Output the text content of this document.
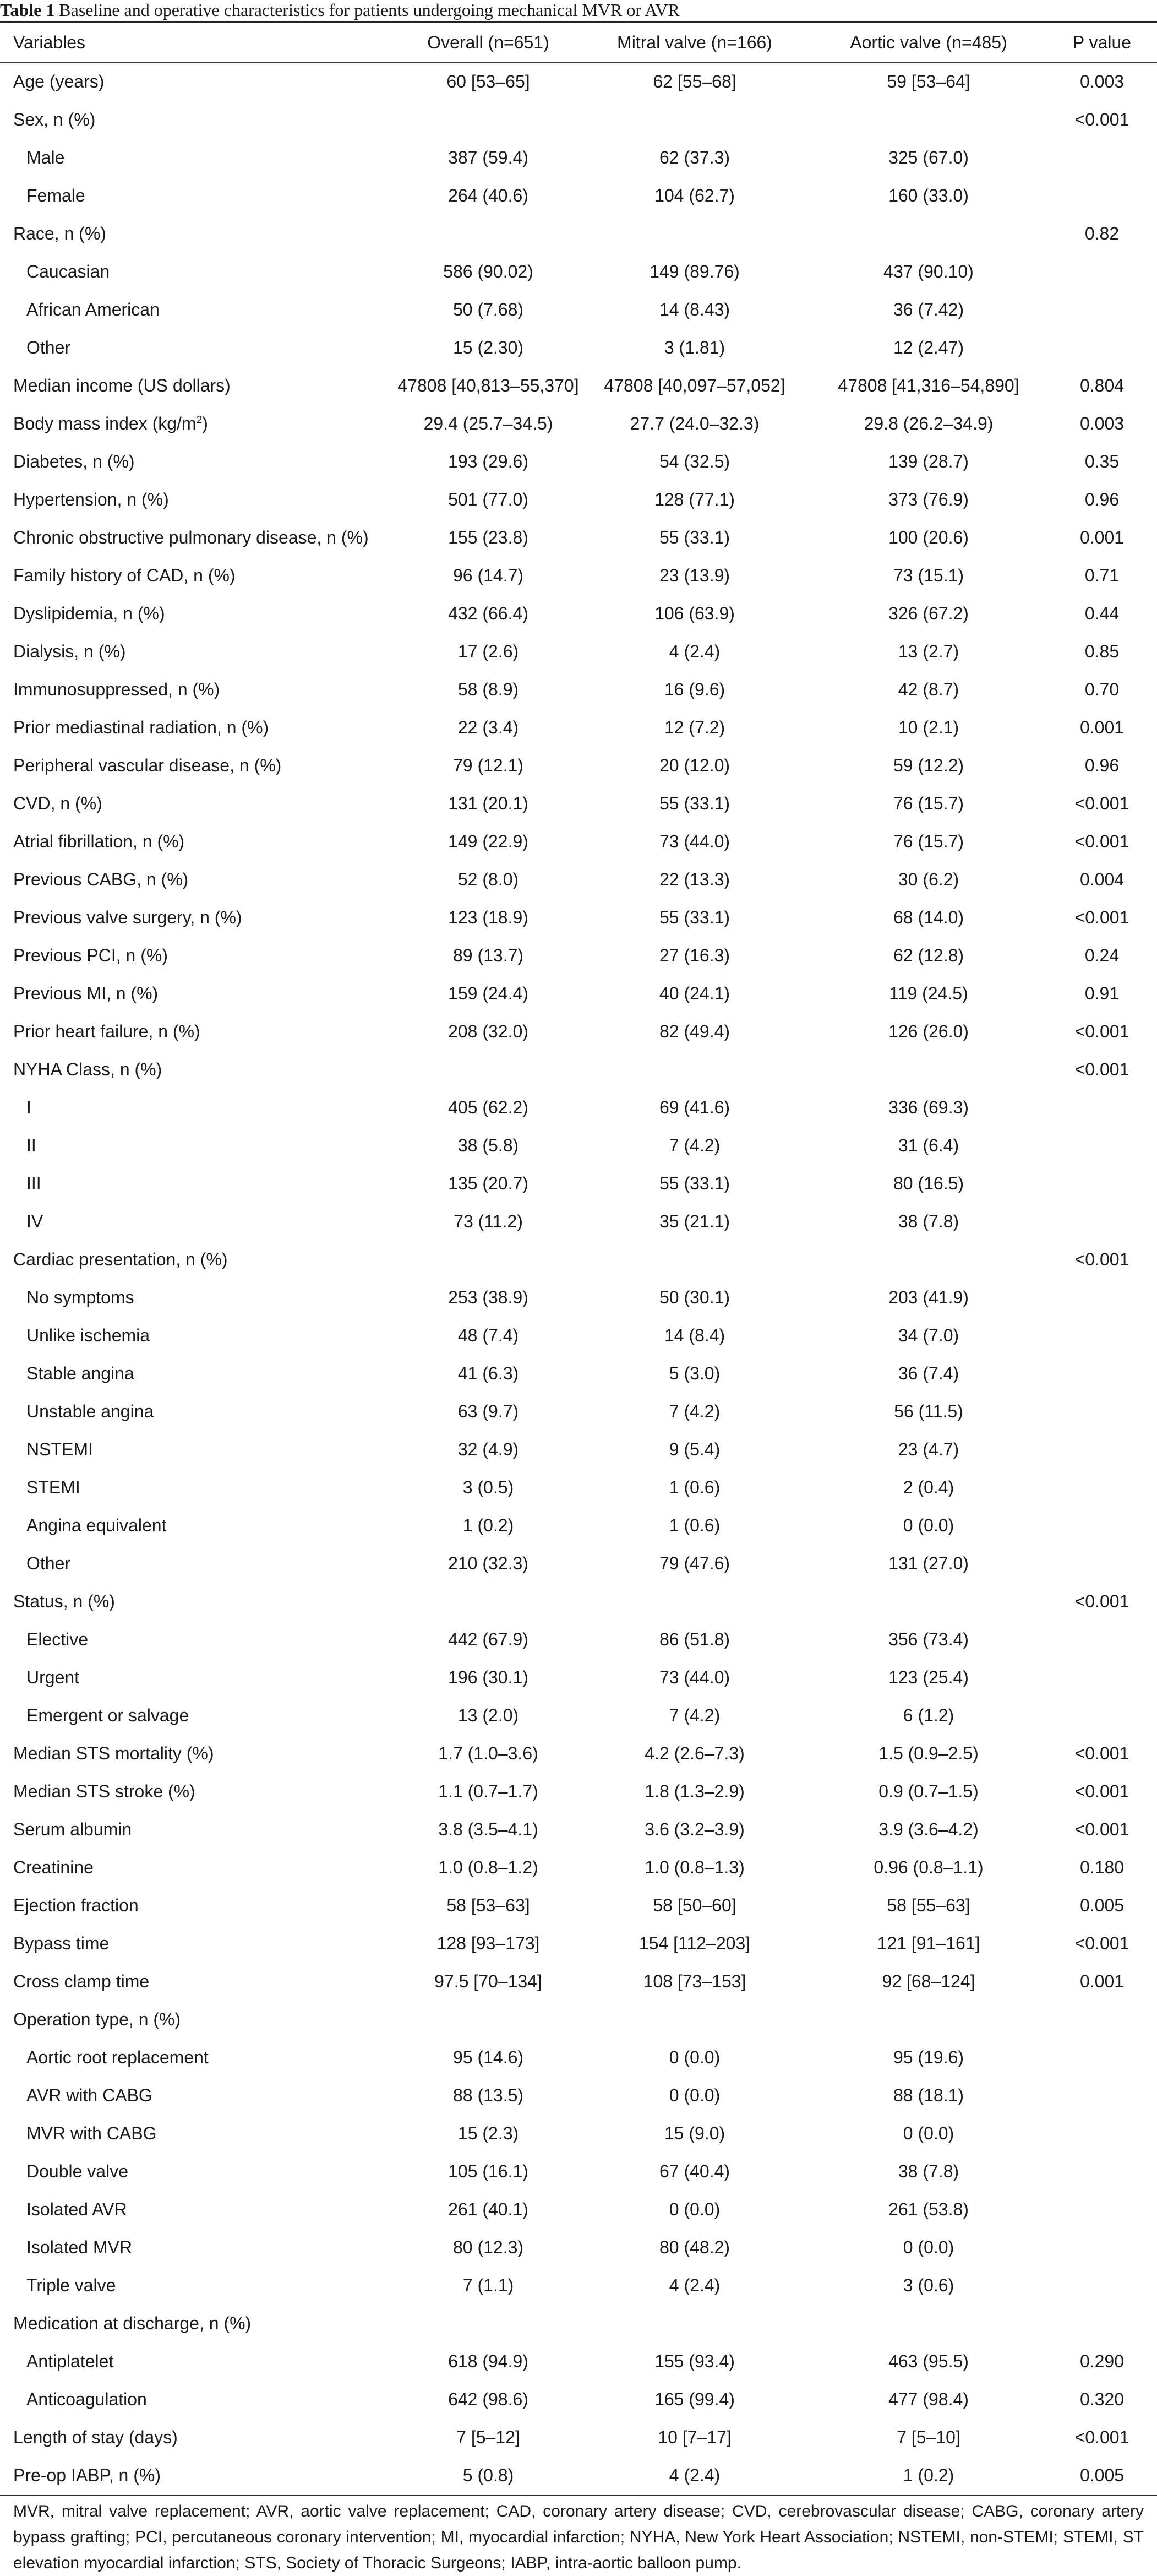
Table 1 Baseline and operative characteristics for patients undergoing mechanical MVR or AVR
Variables	Overall (n=651)	Mitral valve (n=166)	Aortic valve (n=485)	P value
Age (years)	60 [53–65]	62 [55–68]	59 [53–64]	0.003
Sex, n (%)				<0.001
Male	387 (59.4)	62 (37.3)	325 (67.0)	
Female	264 (40.6)	104 (62.7)	160 (33.0)	
Race, n (%)				0.82
Caucasian	586 (90.02)	149 (89.76)	437 (90.10)	
African American	50 (7.68)	14 (8.43)	36 (7.42)	
Other	15 (2.30)	3 (1.81)	12 (2.47)	
Median income (US dollars)	47808 [40,813–55,370]	47808 [40,097–57,052]	47808 [41,316–54,890]	0.804
Body mass index $(kg/m^2)$	29.4 (25.7–34.5)	27.7 (24.0–32.3)	29.8 (26.2–34.9)	0.003
Diabetes, n (%)	193 (29.6)	54 (32.5)	139 (28.7)	0.35
Hypertension, n (%)	501 (77.0)	128 (77.1)	373 (76.9)	0.96
Chronic obstructive pulmonary disease, n (%)	155 (23.8)	55 (33.1)	100 (20.6)	0.001
Family history of CAD, n (%)	96 (14.7)	23 (13.9)	73 (15.1)	0.71
Dyslipidemia, n (%)	432 (66.4)	106 (63.9)	326 (67.2)	0.44
Dialysis, n (%)	17 (2.6)	4 (2.4)	13 (2.7)	0.85
Immunosuppressed, n (%)	58 (8.9)	16 (9.6)	42 (8.7)	0.70
Prior mediastinal radiation, n (%)	22 (3.4)	12 (7.2)	10 (2.1)	0.001
Peripheral vascular disease, n (%)	79 (12.1)	20 (12.0)	59 (12.2)	0.96
CVD, n (%)	131 (20.1)	55 (33.1)	76 (15.7)	<0.001
Atrial fibrillation, n (%)	149 (22.9)	73 (44.0)	76 (15.7)	<0.001
Previous CABG, n (%)	52 (8.0)	22 (13.3)	30 (6.2)	0.004
Previous valve surgery, n (%)	123 (18.9)	55 (33.1)	68 (14.0)	<0.001
Previous PCI, n (%)	89 (13.7)	27 (16.3)	62 (12.8)	0.24
Previous MI, n (%)	159 (24.4)	40 (24.1)	119 (24.5)	0.91
Prior heart failure, n (%)	208 (32.0)	82 (49.4)	126 (26.0)	<0.001
NYHA Class, n (%)				<0.001
I	405 (62.2)	69 (41.6)	336 (69.3)	
II	38 (5.8)	7 (4.2)	31 (6.4)	
III	135 (20.7)	55 (33.1)	80 (16.5)	
IV	73 (11.2)	35 (21.1)	38 (7.8)	
Cardiac presentation, n (%)				<0.001
No symptoms	253 (38.9)	50 (30.1)	203 (41.9)	
Unlike ischemia	48 (7.4)	14 (8.4)	34 (7.0)	
Stable angina	41 (6.3)	5 (3.0)	36 (7.4)	
Unstable angina	63 (9.7)	7 (4.2)	56 (11.5)	
NSTEMI	32 (4.9)	9 (5.4)	23 (4.7)	
STEMI	3 (0.5)	1 (0.6)	2 (0.4)	
Angina equivalent	1 (0.2)	1 (0.6)	0 (0.0)	
Other	210 (32.3)	79 (47.6)	131 (27.0)	
Status, n (%)				<0.001
Elective	442 (67.9)	86 (51.8)	356 (73.4)	
Urgent	196 (30.1)	73 (44.0)	123 (25.4)	
Emergent or salvage	13 (2.0)	7 (4.2)	6 (1.2)	
Median STS mortality (%)	1.7 (1.0–3.6)	4.2 (2.6–7.3)	1.5 (0.9–2.5)	<0.001
Median STS stroke (%)	1.1 (0.7–1.7)	1.8 (1.3–2.9)	0.9 (0.7–1.5)	<0.001
Serum albumin	3.8 (3.5–4.1)	3.6 (3.2–3.9)	3.9 (3.6–4.2)	<0.001
Creatinine	1.0 (0.8–1.2)	1.0 (0.8–1.3)	0.96 (0.8–1.1)	0.180
Ejection fraction	58 [53–63]	58 [50–60]	58 [55–63]	0.005
Bypass time	128 [93–173]	154 [112–203]	121 [91–161]	<0.001
Cross clamp time	97.5 [70–134]	108 [73–153]	92 [68–124]	0.001
Operation type, n (%)				
Aortic root replacement	95 (14.6)	0 (0.0)	95 (19.6)	
AVR with CABG	88 (13.5)	0 (0.0)	88 (18.1)	
MVR with CABG	15 (2.3)	15 (9.0)	0 (0.0)	
Double valve	105 (16.1)	67 (40.4)	38 (7.8)	
Isolated AVR	261 (40.1)	0 (0.0)	261 (53.8)	
Isolated MVR	80 (12.3)	80 (48.2)	0 (0.0)	
Triple valve	7 (1.1)	4 (2.4)	3 (0.6)	
Medication at discharge, n (%)				
Antiplatelet	618 (94.9)	155 (93.4)	463 (95.5)	0.290
Anticoagulation	642 (98.6)	165 (99.4)	477 (98.4)	0.320
Length of stay (days)	7 [5–12]	10 [7–17]	7 [5–10]	<0.001
Pre-op IABP, n (%)	5 (0.8)	4 (2.4)	1 (0.2)	0.005
MVR, mitral valve replacement; AVR, aortic valve replacement; CAD, coronary artery disease; CVD, cerebrovascular disease; CABG, coronary artery bypass grafting; PCI, percutaneous coronary intervention; MI, myocardial infarction; NYHA, New York Heart Association; NSTEMI, non-STEMI; STEMI, ST elevation myocardial infarction; STS, Society of Thoracic Surgeons; IABP, intra-aortic balloon pump.
